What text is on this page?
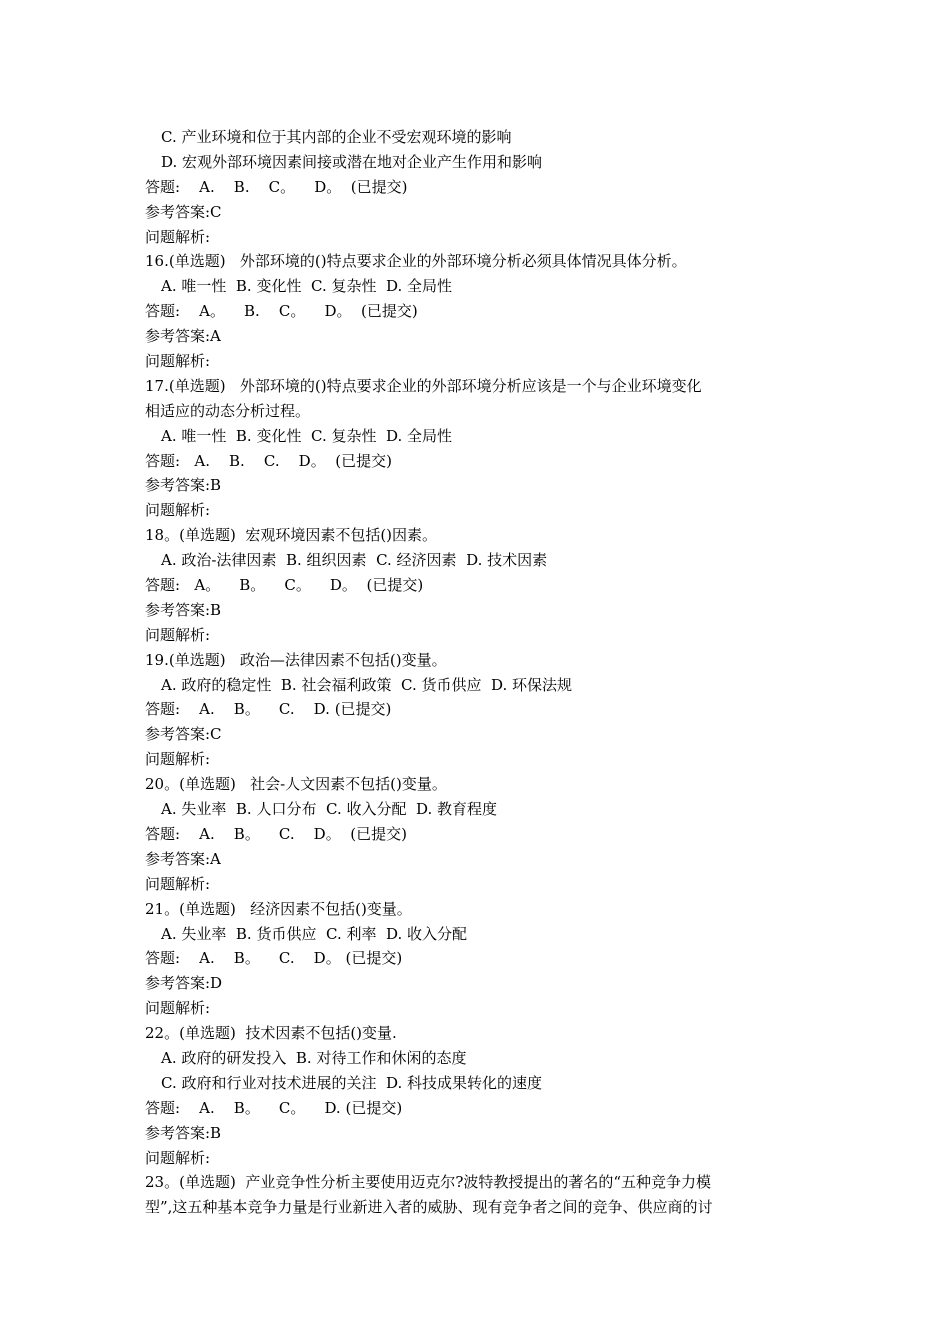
C. 产业环境和位于其内部的企业不受宏观环境的影响
D. 宏观外部环境因素间接或潜在地对企业产生作用和影响
答题:    A.    B.    C。    D。  (已提交)
参考答案:C
问题解析:
16.(单选题)   外部环境的()特点要求企业的外部环境分析必须具体情况具体分析。
A. 唯一性  B. 变化性  C. 复杂性  D. 全局性
答题:    A。    B.    C。    D。  (已提交)
参考答案:A
问题解析:
17.(单选题)   外部环境的()特点要求企业的外部环境分析应该是一个与企业环境变化
相适应的动态分析过程。
A. 唯一性  B. 变化性  C. 复杂性  D. 全局性
答题:   A.    B.    C.    D。  (已提交)
参考答案:B
问题解析:
18。(单选题)  宏观环境因素不包括()因素。
A. 政治-法律因素  B. 组织因素  C. 经济因素  D. 技术因素
答题:   A。    B。    C。    D。  (已提交)
参考答案:B
问题解析:
19.(单选题)   政治—法律因素不包括()变量。
A. 政府的稳定性  B. 社会福利政策  C. 货币供应  D. 环保法规
答题:    A.    B。    C.    D. (已提交)
参考答案:C
问题解析:
20。(单选题)   社会-人文因素不包括()变量。
A. 失业率  B. 人口分布  C. 收入分配  D. 教育程度
答题:    A.    B。    C.    D。  (已提交)
参考答案:A
问题解析:
21。(单选题)   经济因素不包括()变量。
A. 失业率  B. 货币供应  C. 利率  D. 收入分配
答题:    A.    B。    C.    D。 (已提交)
参考答案:D
问题解析:
22。(单选题)  技术因素不包括()变量.
A. 政府的研发投入  B. 对待工作和休闲的态度
C. 政府和行业对技术进展的关注  D. 科技成果转化的速度
答题:    A.    B。    C。    D. (已提交)
参考答案:B
问题解析:
23。(单选题)  产业竞争性分析主要使用迈克尔?波特教授提出的著名的“五种竞争力模
型”,这五种基本竞争力量是行业新进入者的威胁、现有竞争者之间的竞争、供应商的讨
